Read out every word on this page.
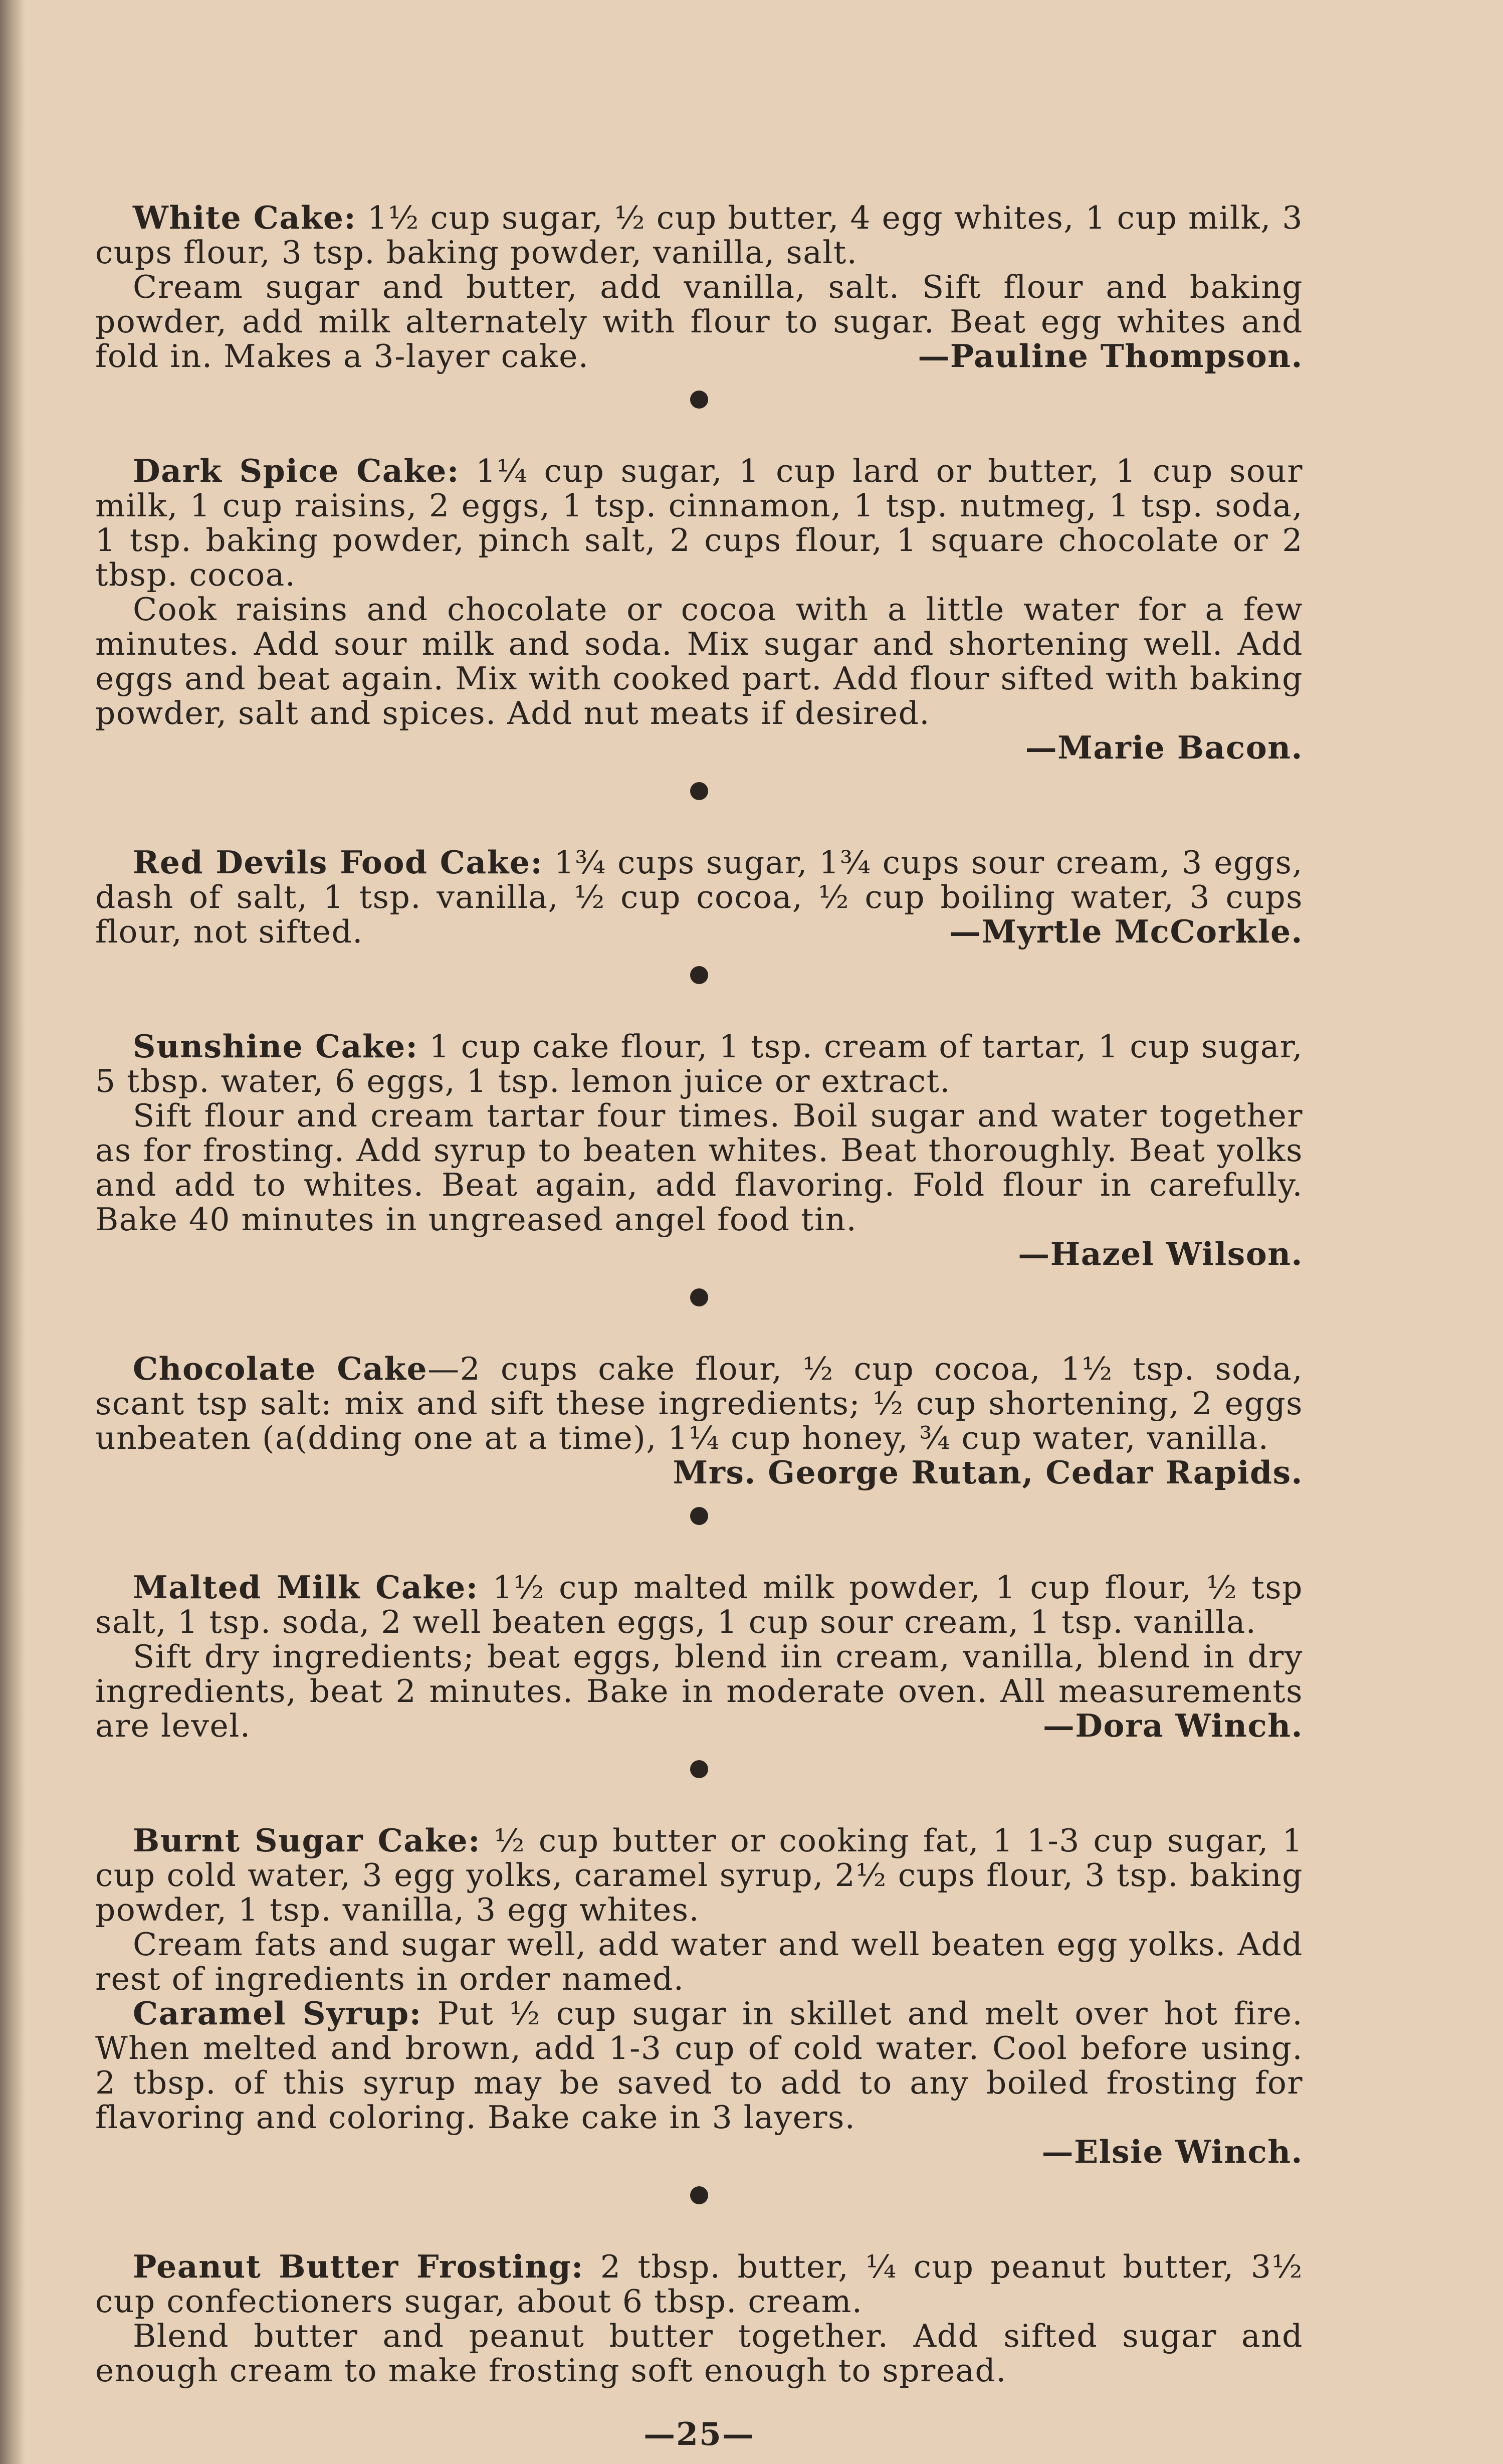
White Cake: 1½ cup sugar, ½ cup butter, 4 egg whites, 1 cup milk, 3 cups flour, 3 tsp. baking powder, vanilla, salt.

Cream sugar and butter, add vanilla, salt. Sift flour and baking powder, add milk alternately with flour to sugar. Beat egg whites and fold in. Makes a 3-layer cake.	—Pauline Thompson.

Dark Spice Cake: 1¼ cup sugar, 1 cup lard or butter, 1 cup sour milk, 1 cup raisins, 2 eggs, 1 tsp. cinnamon, 1 tsp. nutmeg, 1 tsp. soda, 1 tsp. baking powder, pinch salt, 2 cups flour, 1 square chocolate or 2 tbsp. cocoa.

Cook raisins and chocolate or cocoa with a little water for a few minutes. Add sour milk and soda. Mix sugar and shortening well. Add eggs and beat again. Mix with cooked part. Add flour sifted with baking powder, salt and spices. Add nut meats if desired.

—Marie Bacon.

Red Devils Food Cake: 1¾ cups sugar, 1¾ cups sour cream, 3 eggs, dash of salt, 1 tsp. vanilla, ½ cup cocoa, ½ cup boiling water, 3 cups flour, not sifted.	—Myrtle McCorkle.

Sunshine Cake: 1 cup cake flour, 1 tsp. cream of tartar, 1 cup sugar, 5 tbsp. water, 6 eggs, 1 tsp. lemon juice or extract.

Sift flour and cream tartar four times. Boil sugar and water together as for frosting. Add syrup to beaten whites. Beat thoroughly. Beat yolks and add to whites. Beat again, add flavoring. Fold flour in carefully. Bake 40 minutes in ungreased angel food tin.

—Hazel Wilson.

Chocolate Cake—2 cups cake flour, ½ cup cocoa, 1½ tsp. soda, scant tsp salt: mix and sift these ingredients; ½ cup shortening, 2 eggs unbeaten (a(dding one at a time), 1¼ cup honey, ¾ cup water, vanilla.
Mrs. George Rutan, Cedar Rapids.

Malted Milk Cake: 1½ cup malted milk powder, 1 cup flour, ½ tsp salt, 1 tsp. soda, 2 well beaten eggs, 1 cup sour cream, 1 tsp. vanilla.

Sift dry ingredients; beat eggs, blend iin cream, vanilla, blend in dry ingredients, beat 2 minutes. Bake in moderate oven. All measurements are level.	—Dora Winch.

Burnt Sugar Cake: ½ cup butter or cooking fat, 1 1-3 cup sugar, 1 cup cold water, 3 egg yolks, caramel syrup, 2½ cups flour, 3 tsp. baking powder, 1 tsp. vanilla, 3 egg whites.

Cream fats and sugar well, add water and well beaten egg yolks. Add rest of ingredients in order named.

Caramel Syrup: Put ½ cup sugar in skillet and melt over hot fire. When melted and brown, add 1-3 cup of cold water. Cool before using. 2 tbsp. of this syrup may be saved to add to any boiled frosting for flavoring and coloring. Bake cake in 3 layers.

—Elsie Winch.

Peanut Butter Frosting: 2 tbsp. butter, ¼ cup peanut butter, 3½ cup confectioners sugar, about 6 tbsp. cream.

Blend butter and peanut butter together. Add sifted sugar and enough cream to make frosting soft enough to spread.

—25—
